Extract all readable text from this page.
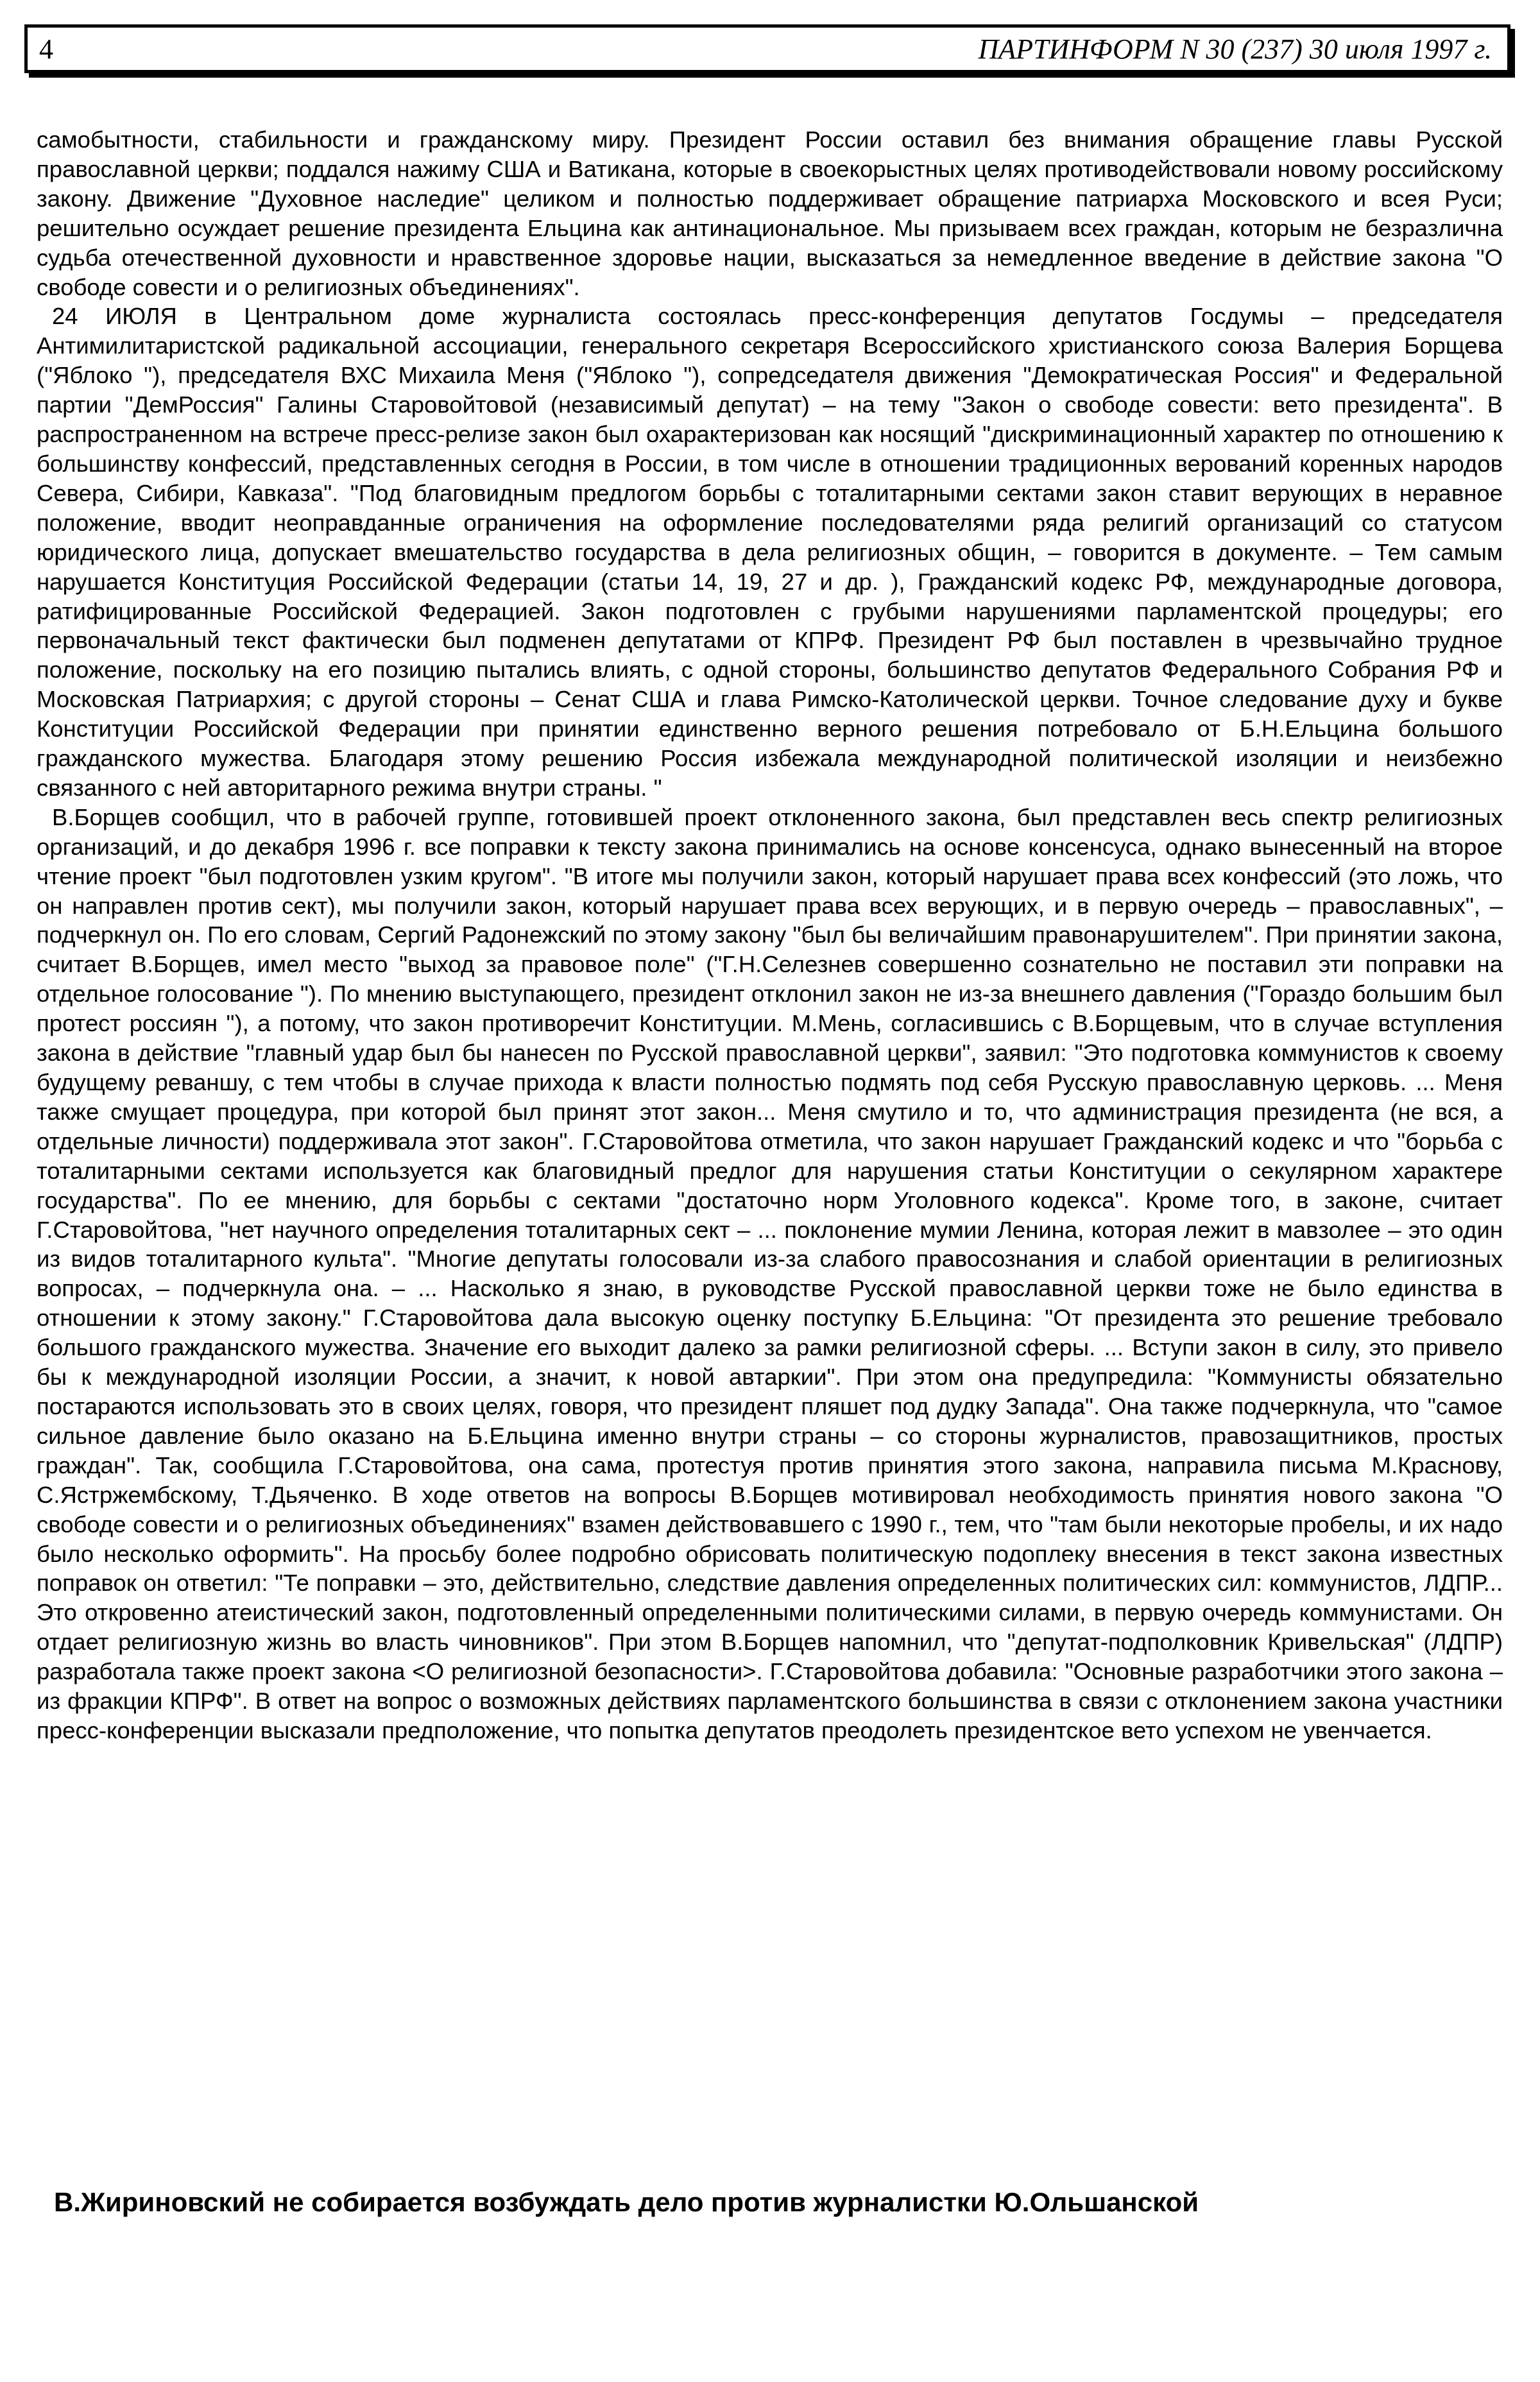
4	ПАРТИНФОРМ N 30 (237) 30 июля 1997 г.

самобытности, стабильности и гражданскому миру. Президент России оставил без внимания обращение главы Русской православной церкви; поддался нажиму США и Ватикана, которые в своекорыстных целях противодействовали новому российскому закону. Движение "Духовное наследие" целиком и полностью поддерживает обращение патриарха Московского и всея Руси; решительно осуждает решение президента Ельцина как антинациональное. Мы призываем всех граждан, которым не безразлична судьба отечественной духовности и нравственное здоровье нации, высказаться за немедленное введение в действие закона "О свободе совести и о религиозных объединениях".

24 ИЮЛЯ в Центральном доме журналиста состоялась пресс-конференция депутатов Госдумы – председателя Антимилитаристской радикальной ассоциации, генерального секретаря Всероссийского христианского союза Валерия Борщева ("Яблоко "), председателя ВХС Михаила Меня ("Яблоко "), сопредседателя движения "Демократическая Россия" и Федеральной партии "ДемРоссия" Галины Старовойтовой (независимый депутат) – на тему "Закон о свободе совести: вето президента". В распространенном на встрече пресс-релизе закон был охарактеризован как носящий "дискриминационный характер по отношению к большинству конфессий, представленных сегодня в России, в том числе в отношении традиционных верований коренных народов Севера, Сибири, Кавказа". "Под благовидным предлогом борьбы с тоталитарными сектами закон ставит верующих в неравное положение, вводит неоправданные ограничения на оформление последователями ряда религий организаций со статусом юридического лица, допускает вмешательство государства в дела религиозных общин, – говорится в документе. – Тем самым нарушается Конституция Российской Федерации (статьи 14, 19, 27 и др. ), Гражданский кодекс РФ, международные договора, ратифицированные Российской Федерацией. Закон подготовлен с грубыми нарушениями парламентской процедуры; его первоначальный текст фактически был подменен депутатами от КПРФ. Президент РФ был поставлен в чрезвычайно трудное положение, поскольку на его позицию пытались влиять, с одной стороны, большинство депутатов Федерального Собрания РФ и Московская Патриархия; с другой стороны – Сенат США и глава Римско-Католической церкви. Точное следование духу и букве Конституции Российской Федерации при принятии единственно верного решения потребовало от Б.Н.Ельцина большого гражданского мужества. Благодаря этому решению Россия избежала международной политической изоляции и неизбежно связанного с ней авторитарного режима внутри страны. "

В.Борщев сообщил, что в рабочей группе, готовившей проект отклоненного закона, был представлен весь спектр религиозных организаций, и до декабря 1996 г. все поправки к тексту закона принимались на основе консенсуса, однако вынесенный на второе чтение проект "был подготовлен узким кругом". "В итоге мы получили закон, который нарушает права всех конфессий (это ложь, что он направлен против сект), мы получили закон, который нарушает права всех верующих, и в первую очередь – православных", – подчеркнул он. По его словам, Сергий Радонежский по этому закону "был бы величайшим правонарушителем". При принятии закона, считает В.Борщев, имел место "выход за правовое поле" ("Г.Н.Селезнев совершенно сознательно не поставил эти поправки на отдельное голосование "). По мнению выступающего, президент отклонил закон не из-за внешнего давления ("Гораздо большим был протест россиян "), а потому, что закон противоречит Конституции. М.Мень, согласившись с В.Борщевым, что в случае вступления закона в действие "главный удар был бы нанесен по Русской православной церкви", заявил: "Это подготовка коммунистов к своему будущему реваншу, с тем чтобы в случае прихода к власти полностью подмять под себя Русскую православную церковь. ... Меня также смущает процедура, при которой был принят этот закон... Меня смутило и то, что администрация президента (не вся, а отдельные личности) поддерживала этот закон". Г.Старовойтова отметила, что закон нарушает Гражданский кодекс и что "борьба с тоталитарными сектами используется как благовидный предлог для нарушения статьи Конституции о секулярном характере государства". По ее мнению, для борьбы с сектами "достаточно норм Уголовного кодекса". Кроме того, в законе, считает Г.Старовойтова, "нет научного определения тоталитарных сект – ... поклонение мумии Ленина, которая лежит в мавзолее – это один из видов тоталитарного культа". "Многие депутаты голосовали из-за слабого правосознания и слабой ориентации в религиозных вопросах, – подчеркнула она. – ... Насколько я знаю, в руководстве Русской православной церкви тоже не было единства в отношении к этому закону." Г.Старовойтова дала высокую оценку поступку Б.Ельцина: "От президента это решение требовало большого гражданского мужества. Значение его выходит далеко за рамки религиозной сферы. ... Вступи закон в силу, это привело бы к международной изоляции России, а значит, к новой автаркии". При этом она предупредила: "Коммунисты обязательно постараются использовать это в своих целях, говоря, что президент пляшет под дудку Запада". Она также подчеркнула, что "самое сильное давление было оказано на Б.Ельцина именно внутри страны – со стороны журналистов, правозащитников, простых граждан". Так, сообщила Г.Старовойтова, она сама, протестуя против принятия этого закона, направила письма М.Краснову, С.Ястржембскому, Т.Дьяченко. В ходе ответов на вопросы В.Борщев мотивировал необходимость принятия нового закона "О свободе совести и о религиозных объединениях" взамен действовавшего с 1990 г., тем, что "там были некоторые пробелы, и их надо было несколько оформить". На просьбу более подробно обрисовать политическую подоплеку внесения в текст закона известных поправок он ответил: "Те поправки – это, действительно, следствие давления определенных политических сил: коммунистов, ЛДПР... Это откровенно атеистический закон, подготовленный определенными политическими силами, в первую очередь коммунистами. Он отдает религиозную жизнь во власть чиновников". При этом В.Борщев напомнил, что "депутат-подполковник Кривельская" (ЛДПР) разработала также проект закона <О религиозной безопасности>. Г.Старовойтова добавила: "Основные разработчики этого закона – из фракции КПРФ". В ответ на вопрос о возможных действиях парламентского большинства в связи с отклонением закона участники пресс-конференции высказали предположение, что попытка депутатов преодолеть президентское вето успехом не увенчается.

В.Жириновский не собирается возбуждать дело против журналистки Ю.Ольшанской
